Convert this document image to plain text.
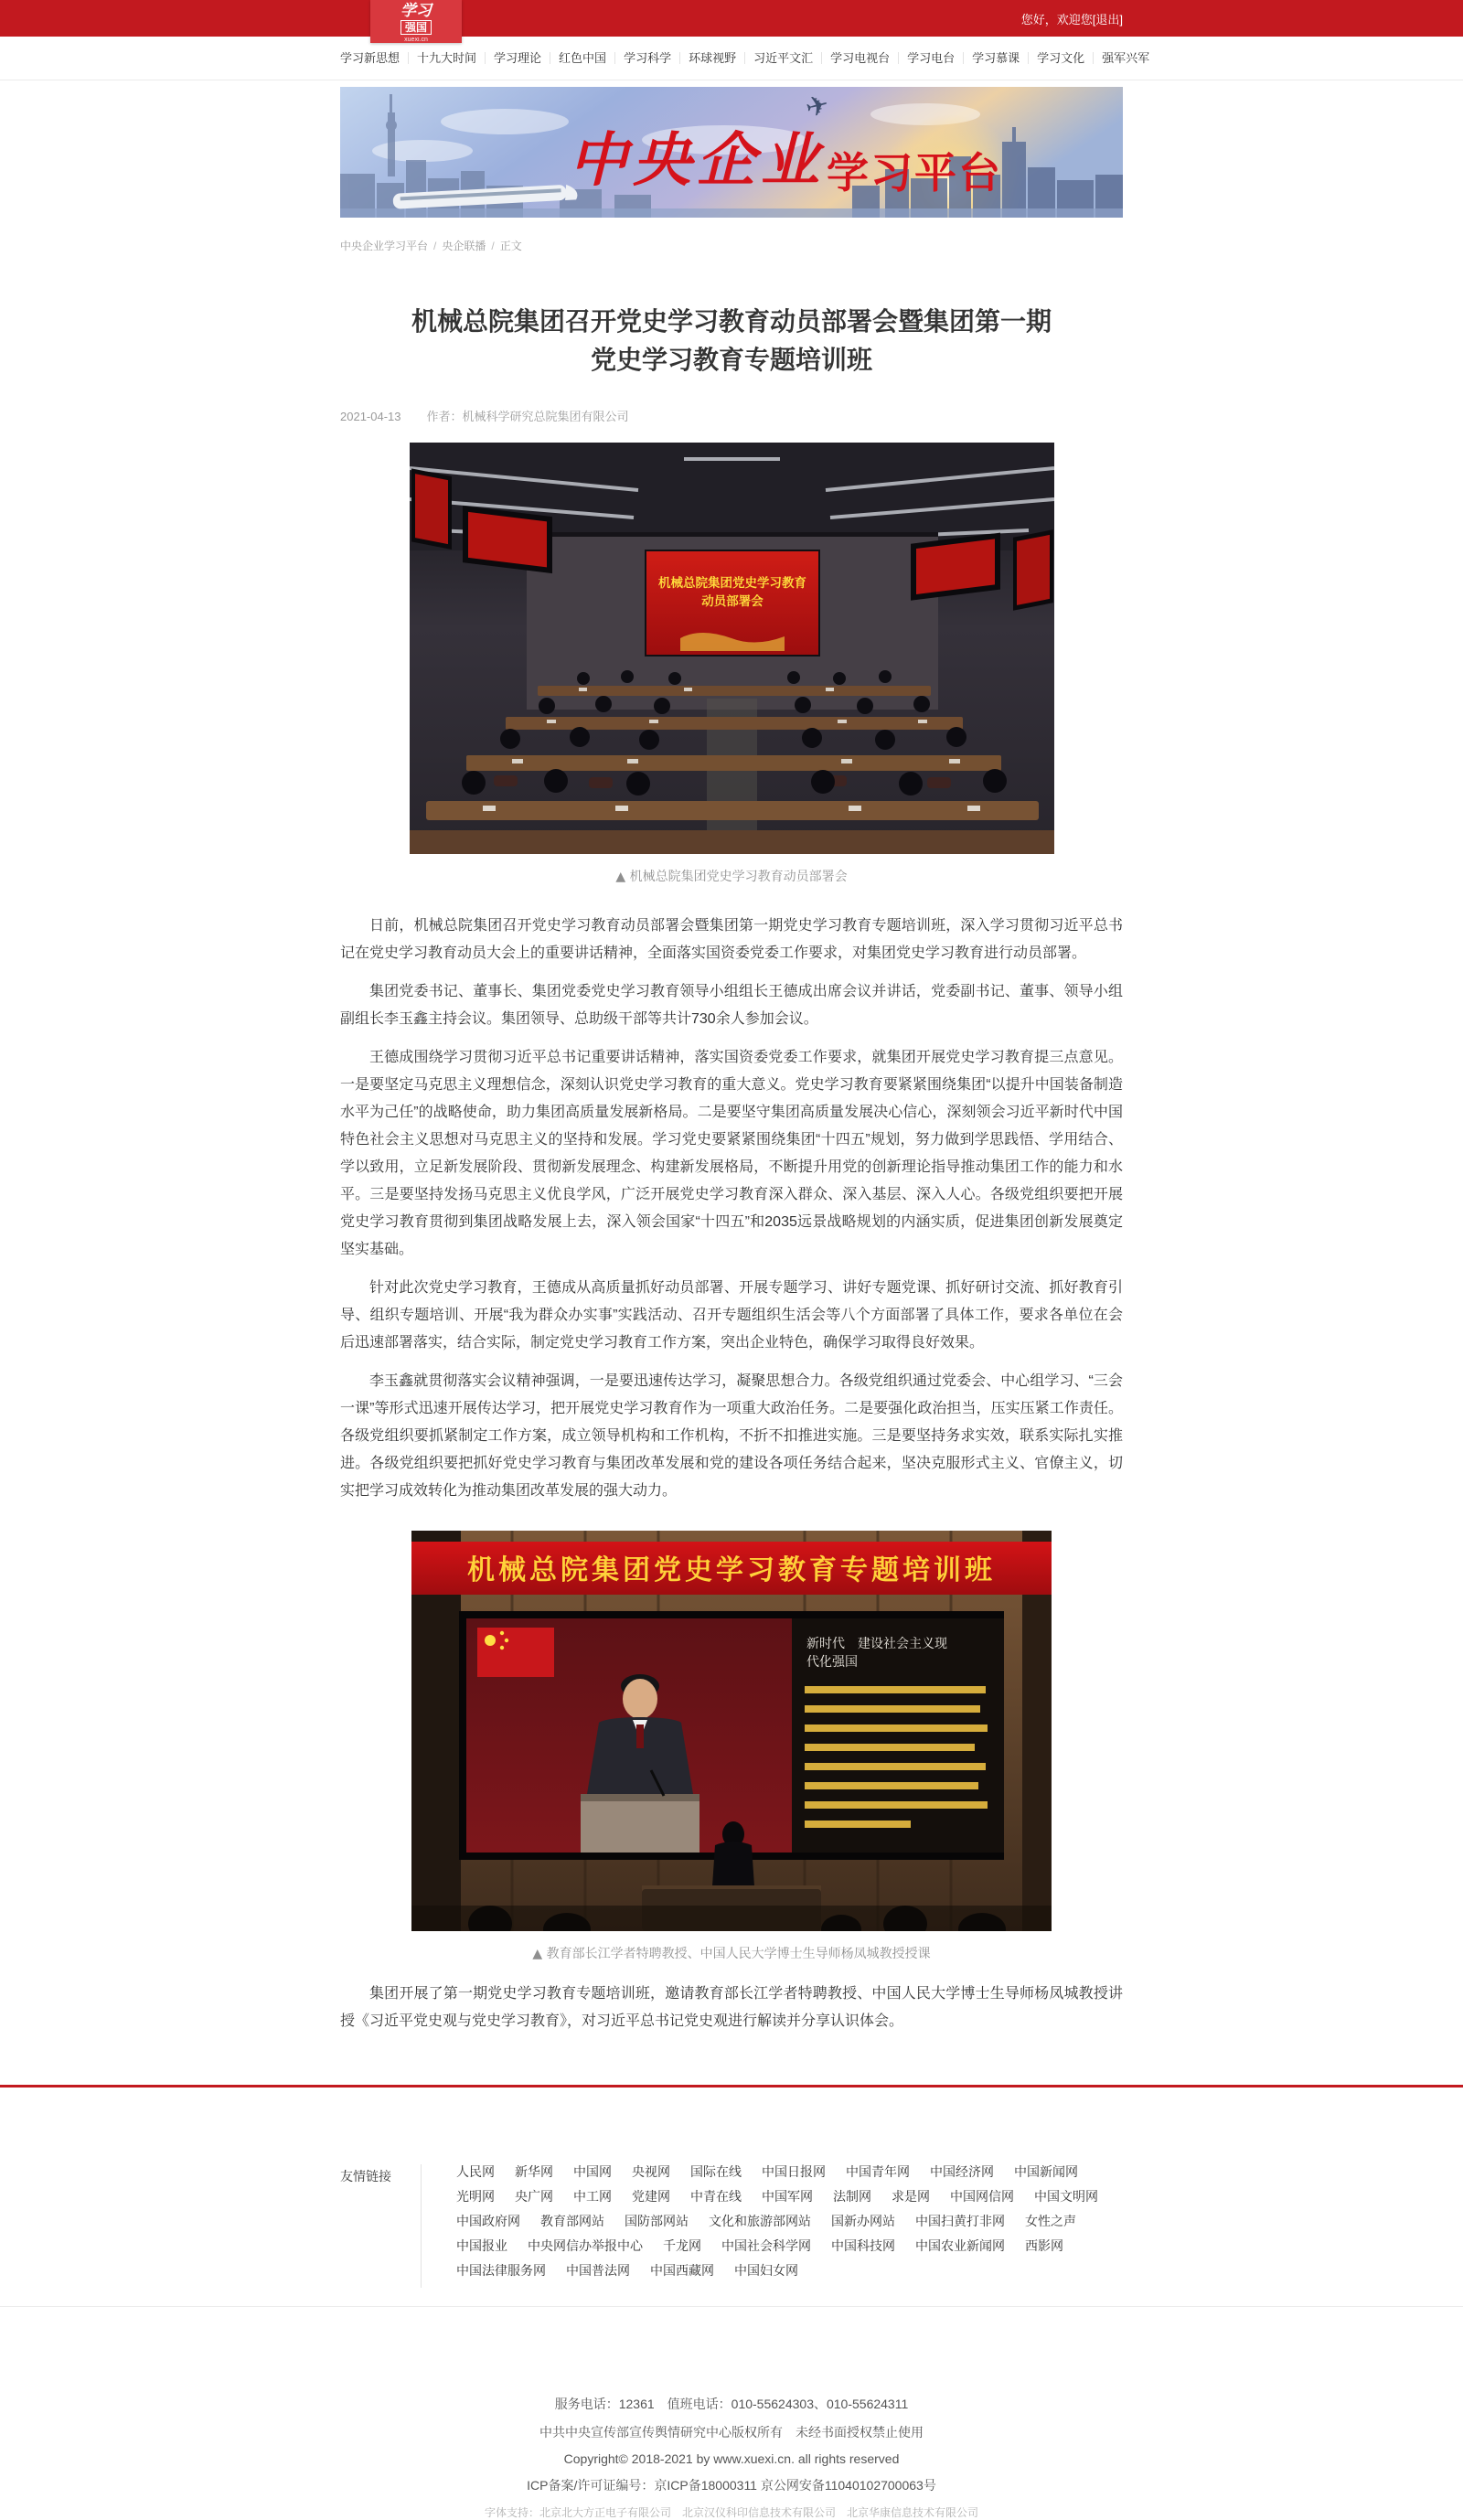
学习
强国
xuexi.cn
您好，欢迎您 [退出]
学习新思想	十九大时间	学习理论	红色中国	学习科学	环球视野	习近平文汇	学习电视台	学习电台	学习慕课	学习文化	强军兴军
✈
中央企业 学习平台
中央企业学习平台 / 央企联播 / 正文
机械总院集团召开党史学习教育动员部署会暨集团第一期党史学习教育专题培训班
2021-04-13 作者：机械科学研究总院集团有限公司
机械总院集团党史学习教育
动员部署会
▲ 机械总院集团党史学习教育动员部署会

日前，机械总院集团召开党史学习教育动员部署会暨集团第一期党史学习教育专题培训班，深入学习贯彻习近平总书记在党史学习教育动员大会上的重要讲话精神，全面落实国资委党委工作要求，对集团党史学习教育进行动员部署。

集团党委书记、董事长、集团党委党史学习教育领导小组组长王德成出席会议并讲话，党委副书记、董事、领导小组副组长李玉鑫主持会议。集团领导、总助级干部等共计730余人参加会议。

王德成围绕学习贯彻习近平总书记重要讲话精神，落实国资委党委工作要求，就集团开展党史学习教育提三点意见。一是要坚定马克思主义理想信念，深刻认识党史学习教育的重大意义。党史学习教育要紧紧围绕集团“以提升中国装备制造水平为己任”的战略使命，助力集团高质量发展新格局。二是要坚守集团高质量发展决心信心，深刻领会习近平新时代中国特色社会主义思想对马克思主义的坚持和发展。学习党史要紧紧围绕集团“十四五”规划，努力做到学思践悟、学用结合、学以致用，立足新发展阶段、贯彻新发展理念、构建新发展格局，不断提升用党的创新理论指导推动集团工作的能力和水平。三是要坚持发扬马克思主义优良学风，广泛开展党史学习教育深入群众、深入基层、深入人心。各级党组织要把开展党史学习教育贯彻到集团战略发展上去，深入领会国家“十四五”和2035远景战略规划的内涵实质，促进集团创新发展奠定坚实基础。

针对此次党史学习教育，王德成从高质量抓好动员部署、开展专题学习、讲好专题党课、抓好研讨交流、抓好教育引导、组织专题培训、开展“我为群众办实事”实践活动、召开专题组织生活会等八个方面部署了具体工作，要求各单位在会后迅速部署落实，结合实际，制定党史学习教育工作方案，突出企业特色，确保学习取得良好效果。

李玉鑫就贯彻落实会议精神强调，一是要迅速传达学习，凝聚思想合力。各级党组织通过党委会、中心组学习、“三会一课”等形式迅速开展传达学习，把开展党史学习教育作为一项重大政治任务。二是要强化政治担当，压实压紧工作责任。各级党组织要抓紧制定工作方案，成立领导机构和工作机构，不折不扣推进实施。三是要坚持务求实效，联系实际扎实推进。各级党组织要把抓好党史学习教育与集团改革发展和党的建设各项任务结合起来，坚决克服形式主义、官僚主义，切实把学习成效转化为推动集团改革发展的强大动力。

机械总院集团党史学习教育专题培训班
新时代　建设社会主义现
代化强国
▲ 教育部长江学者特聘教授、中国人民大学博士生导师杨凤城教授授课

集团开展了第一期党史学习教育专题培训班，邀请教育部长江学者特聘教授、中国人民大学博士生导师杨凤城教授讲授《习近平党史观与党史学习教育》，对习近平总书记党史观进行解读并分享认识体会。

友情链接	人民网 新华网 中国网 央视网 国际在线 中国日报网 中国青年网 中国经济网 中国新闻网
光明网 央广网 中工网 党建网 中青在线 中国军网 法制网 求是网 中国网信网 中国文明网
中国政府网 教育部网站 国防部网站 文化和旅游部网站 国新办网站 中国扫黄打非网 女性之声
中国报业 中央网信办举报中心 千龙网 中国社会科学网 中国科技网 中国农业新闻网 西影网
中国法律服务网 中国普法网 中国西藏网 中国妇女网

服务电话：12361　值班电话：010-55624303、010-55624311

中共中央宣传部宣传舆情研究中心版权所有　未经书面授权禁止使用

Copyright© 2018-2021 by www.xuexi.cn. all rights reserved

ICP备案/许可证编号：京ICP备18000311 京公网安备11040102700063号

字体支持：北京北大方正电子有限公司　北京汉仪科印信息技术有限公司　北京华康信息技术有限公司
